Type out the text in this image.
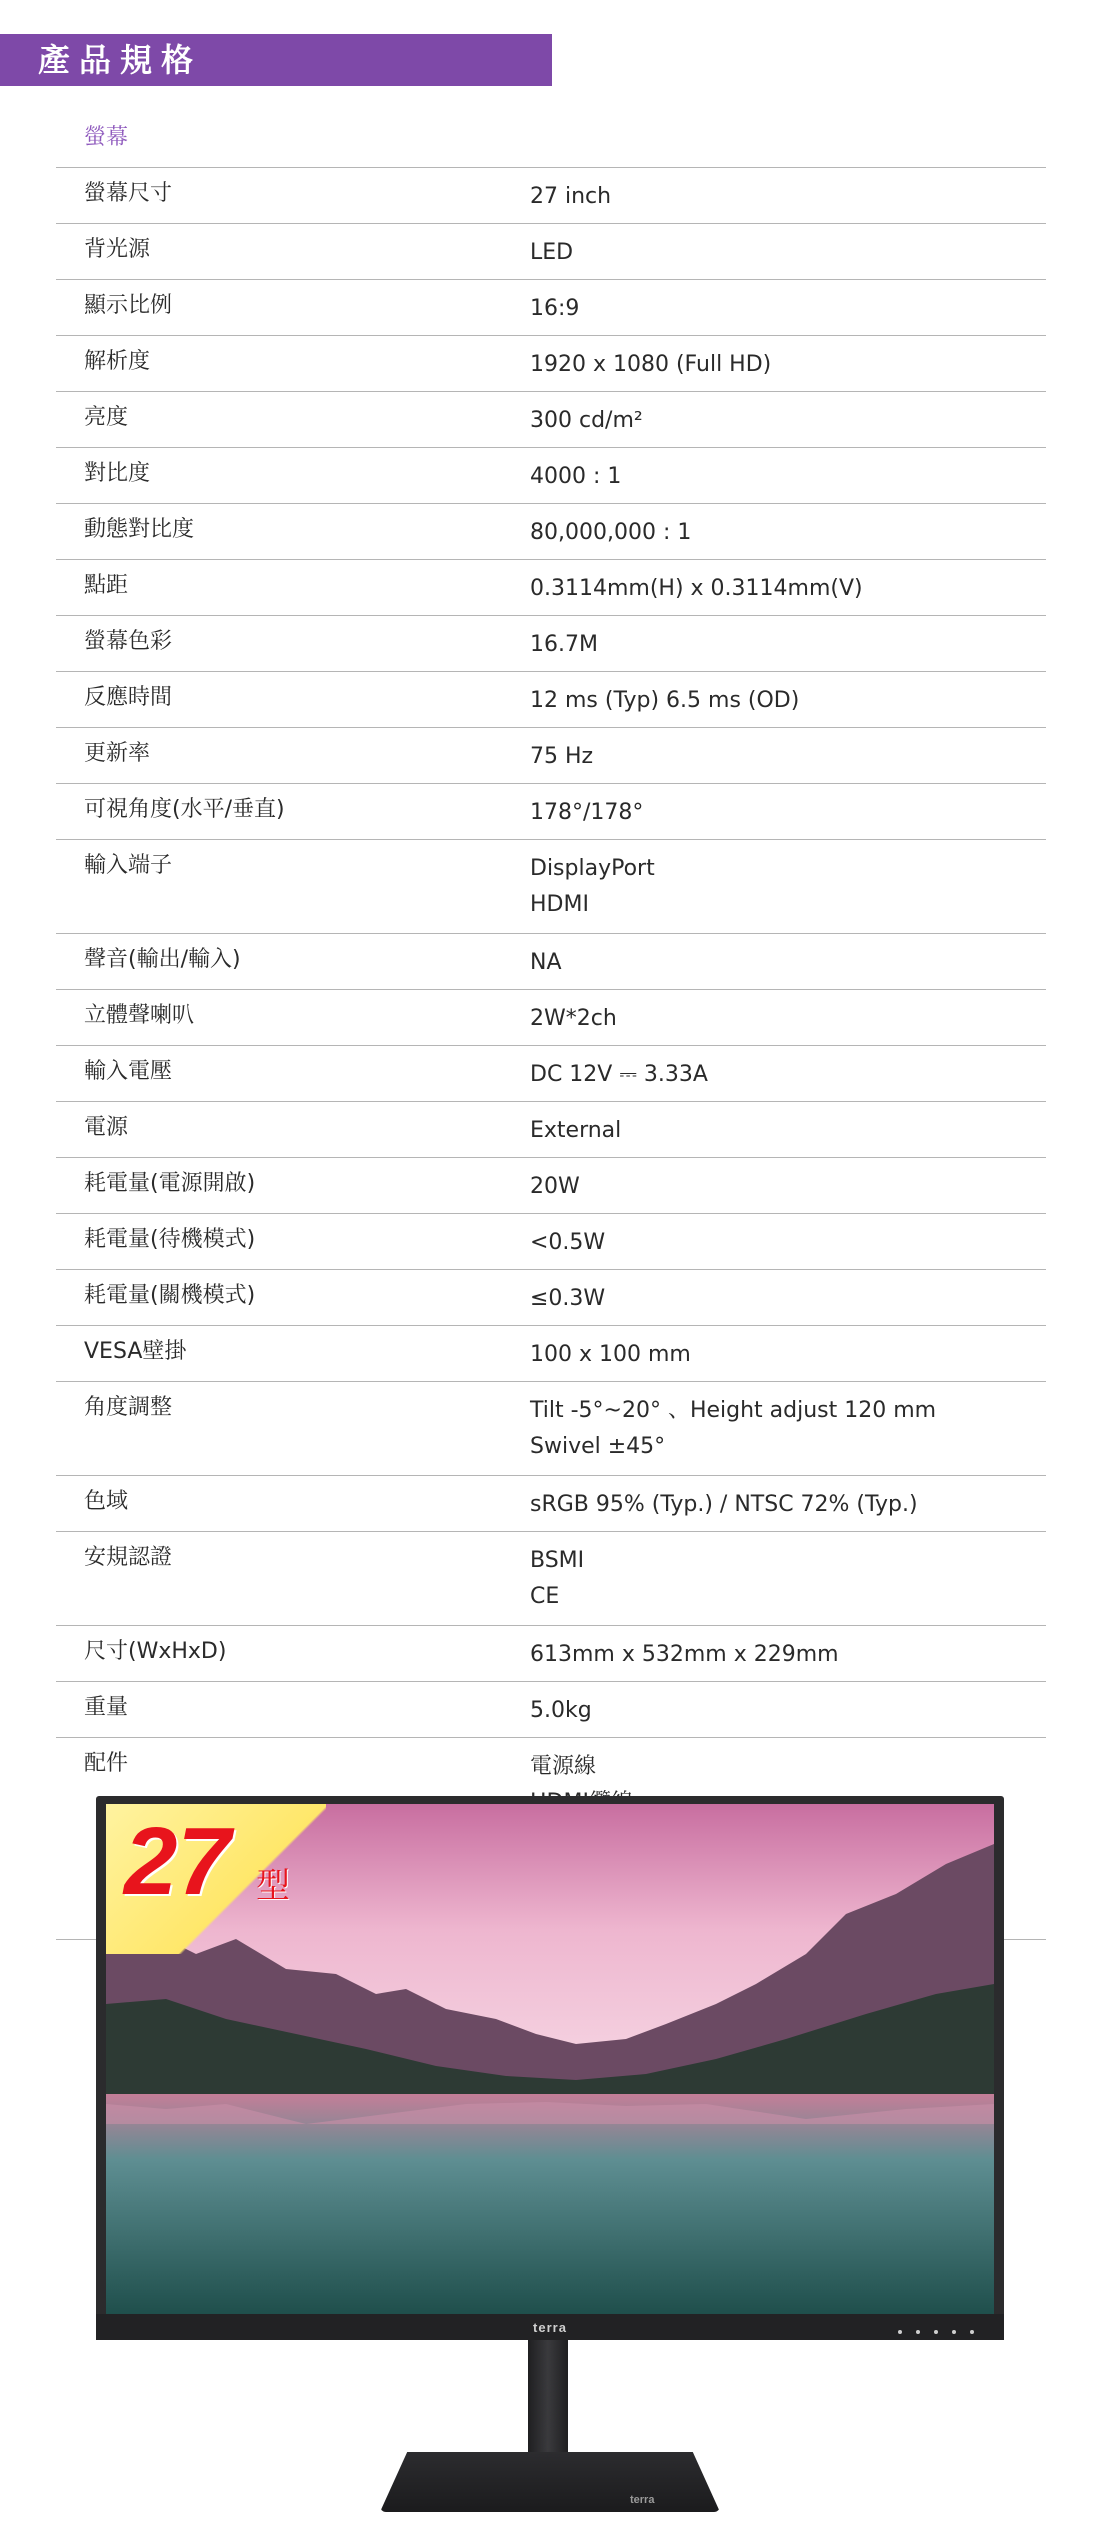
產品規格
螢幕
螢幕尺寸	27 inch
背光源	LED
顯示比例	16:9
解析度	1920 x 1080 (Full HD)
亮度	300 cd/m²
對比度	4000 : 1
動態對比度	80,000,000 : 1
點距	0.3114mm(H) x 0.3114mm(V)
螢幕色彩	16.7M
反應時間	12 ms (Typ) 6.5 ms (OD)
更新率	75 Hz
可視角度(水平/垂直)	178°/178°
輸入端子	DisplayPort
HDMI
聲音(輸出/輸入)	NA
立體聲喇叭	2W*2ch
輸入電壓	DC 12V ⎓ 3.33A
電源	External
耗電量(電源開啟)	20W
耗電量(待機模式)	<0.5W
耗電量(關機模式)	≤0.3W
VESA壁掛	100 x 100 mm
角度調整	Tilt -5°~20° 、Height adjust 120 mm
Swivel ±45°
色域	sRGB 95% (Typ.) / NTSC 72% (Typ.)
安規認證	BSMI
CE
尺寸(WxHxD)	613mm x 532mm x 229mm
重量	5.0kg
配件	電源線
27 型
terra
terra
